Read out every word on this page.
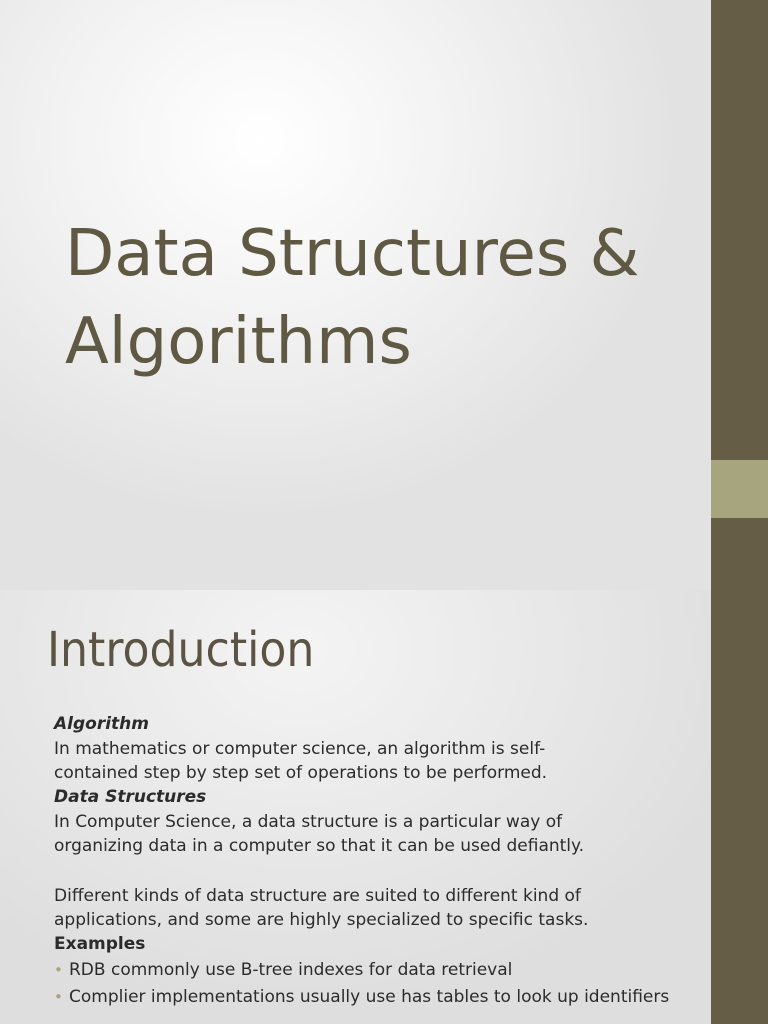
Data Structures &
Algorithms
Introduction

Algorithm

In mathematics or computer science, an algorithm is self-
contained step by step set of operations to be performed.

Data Structures

In Computer Science, a data structure is a particular way of
organizing data in a computer so that it can be used defiantly.

Different kinds of data structure are suited to different kind of
applications, and some are highly specialized to specific tasks.

Examples

• RDB commonly use B-tree indexes for data retrieval
• Complier implementations usually use has tables to look up identifiers
